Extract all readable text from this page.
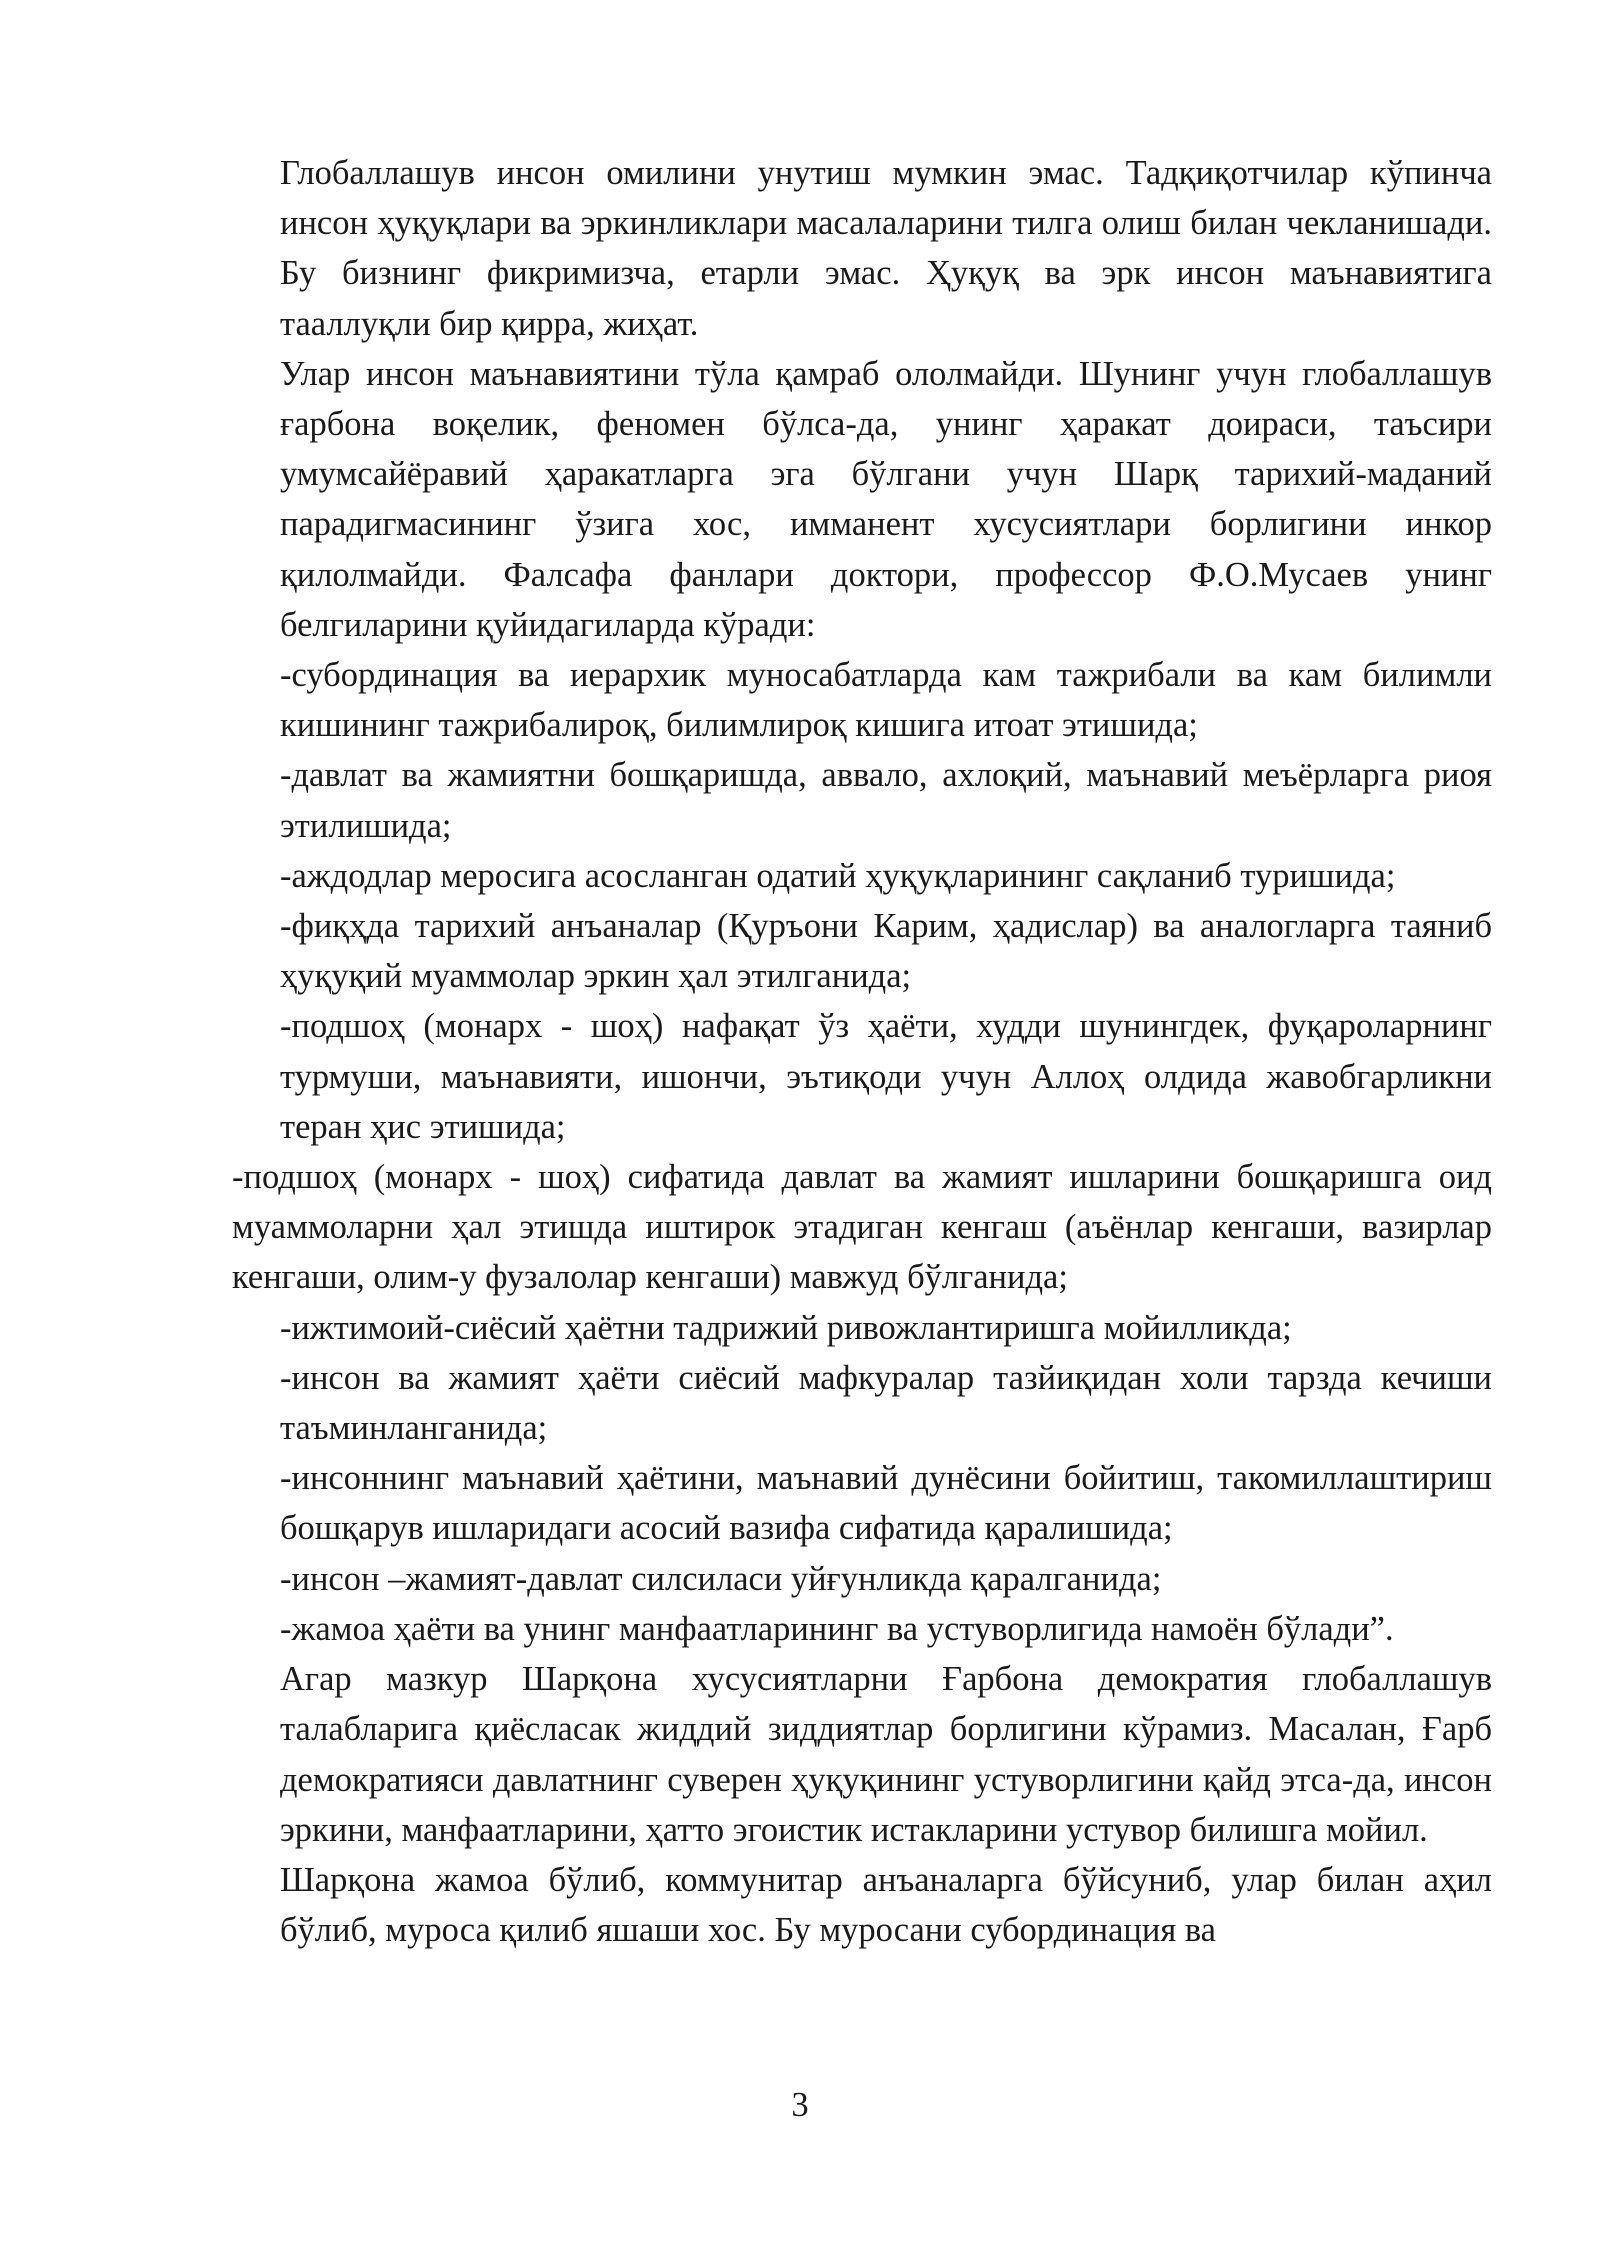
Глобаллашув инсон омилини унутиш мумкин эмас. Тадқиқотчилар кўпинча инсон ҳуқуқлари ва эркинликлари масалаларини тилга олиш билан чекланишади. Бу бизнинг фикримизча, етарли эмас. Ҳуқуқ ва эрк инсон маънавиятига тааллуқли бир қирра, жиҳат.

Улар инсон маънавиятини тўла қамраб ололмайди. Шунинг учун глобаллашув ғарбона воқелик, феномен бўлса-да, унинг ҳаракат доираси, таъсири умумсайёравий ҳаракатларга эга бўлгани учун Шарқ тарихий-маданий парадигмасининг ўзига хос, имманент хусусиятлари борлигини инкор қилолмайди. Фалсафа фанлари доктори, профессор Ф.О.Мусаев унинг белгиларини қуйидагиларда кўради:

-субординация ва иерархик муносабатларда кам тажрибали ва кам билимли кишининг тажрибалироқ, билимлироқ кишига итоат этишида;

-давлат ва жамиятни бошқаришда, аввало, ахлоқий, маънавий меъёрларга риоя этилишида;

-аждодлар меросига асосланган одатий ҳуқуқларининг сақланиб туришида;

-фиқҳда тарихий анъаналар (Қуръони Карим, ҳадислар) ва аналогларга таяниб ҳуқуқий муаммолар эркин ҳал этилганида;

-подшоҳ (монарх - шоҳ) нафақат ўз ҳаёти, худди шунингдек, фуқароларнинг турмуши, маънавияти, ишончи, эътиқоди учун Аллоҳ олдида жавобгарликни теран ҳис этишида;

-подшоҳ (монарх - шоҳ) сифатида давлат ва жамият ишларини бошқаришга оид муаммоларни ҳал этишда иштирок этадиган кенгаш (аъёнлар кенгаши, вазирлар кенгаши, олим-у фузалолар кенгаши) мавжуд бўлганида;

-ижтимоий-сиёсий ҳаётни тадрижий ривожлантиришга мойилликда;

-инсон ва жамият ҳаёти сиёсий мафкуралар тазйиқидан холи тарзда кечиши таъминланганида;

-инсоннинг маънавий ҳаётини, маънавий дунёсини бойитиш, такомиллаштириш бошқарув ишларидаги асосий вазифа сифатида қаралишида;

-инсон –жамият-давлат силсиласи уйғунликда қаралганида;

-жамоа ҳаёти ва унинг манфаатларининг ва устуворлигида намоён бўлади”.

Агар мазкур Шарқона хусусиятларни Ғарбона демократия глобаллашув талабларига қиёсласак жиддий зиддиятлар борлигини кўрамиз. Масалан, Ғарб демократияси давлатнинг суверен ҳуқуқининг устуворлигини қайд этса-да, инсон эркини, манфаатларини, ҳатто эгоистик истакларини устувор билишга мойил.

Шарқона жамоа бўлиб, коммунитар анъаналарга бўйсуниб, улар билан аҳил бўлиб, муроса қилиб яшаши хос. Бу муросани субординация ва

3
